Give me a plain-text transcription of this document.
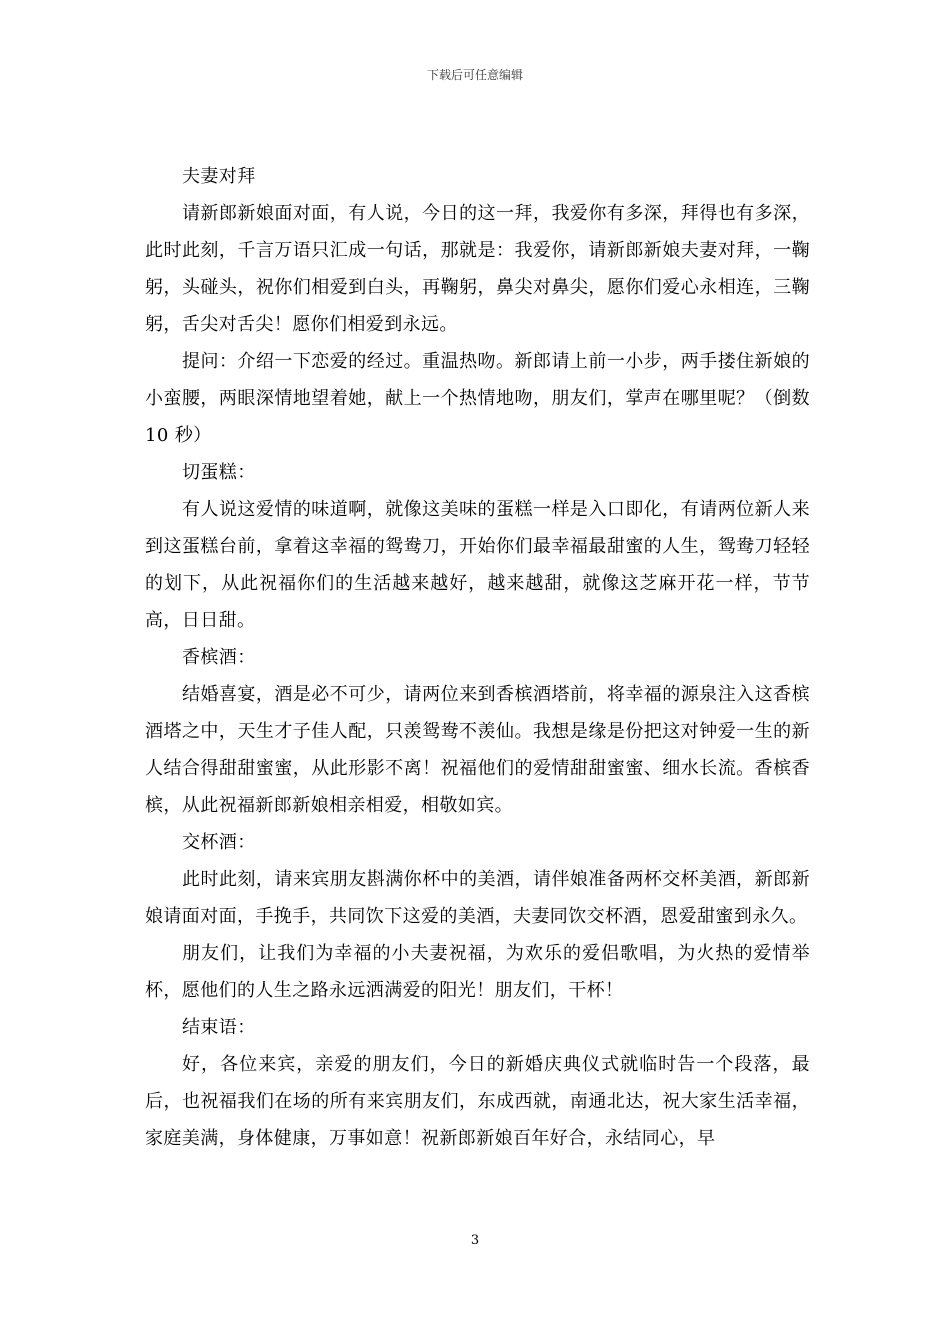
下载后可任意编辑

夫妻对拜

请新郎新娘面对面，有人说，今日的这一拜，我爱你有多深，拜得也有多深，此时此刻，千言万语只汇成一句话，那就是：我爱你，请新郎新娘夫妻对拜，一鞠躬，头碰头，祝你们相爱到白头，再鞠躬，鼻尖对鼻尖，愿你们爱心永相连，三鞠躬，舌尖对舌尖！愿你们相爱到永远。

提问：介绍一下恋爱的经过。重温热吻。新郎请上前一小步，两手搂住新娘的小蛮腰，两眼深情地望着她，献上一个热情地吻，朋友们，掌声在哪里呢？（倒数 10 秒）

切蛋糕：

有人说这爱情的味道啊，就像这美味的蛋糕一样是入口即化，有请两位新人来到这蛋糕台前，拿着这幸福的鸳鸯刀，开始你们最幸福最甜蜜的人生，鸳鸯刀轻轻的划下，从此祝福你们的生活越来越好，越来越甜，就像这芝麻开花一样，节节高，日日甜。

香槟酒：

结婚喜宴，酒是必不可少，请两位来到香槟酒塔前，将幸福的源泉注入这香槟酒塔之中，天生才子佳人配，只羡鸳鸯不羡仙。我想是缘是份把这对钟爱一生的新人结合得甜甜蜜蜜，从此形影不离！祝福他们的爱情甜甜蜜蜜、细水长流。香槟香槟，从此祝福新郎新娘相亲相爱，相敬如宾。

交杯酒：

此时此刻，请来宾朋友斟满你杯中的美酒，请伴娘准备两杯交杯美酒，新郎新娘请面对面，手挽手，共同饮下这爱的美酒，夫妻同饮交杯酒，恩爱甜蜜到永久。

朋友们，让我们为幸福的小夫妻祝福，为欢乐的爱侣歌唱，为火热的爱情举杯，愿他们的人生之路永远洒满爱的阳光！朋友们，干杯！

结束语：

好，各位来宾，亲爱的朋友们，今日的新婚庆典仪式就临时告一个段落，最后，也祝福我们在场的所有来宾朋友们，东成西就，南通北达，祝大家生活幸福，家庭美满，身体健康，万事如意！祝新郎新娘百年好合，永结同心，早

3
